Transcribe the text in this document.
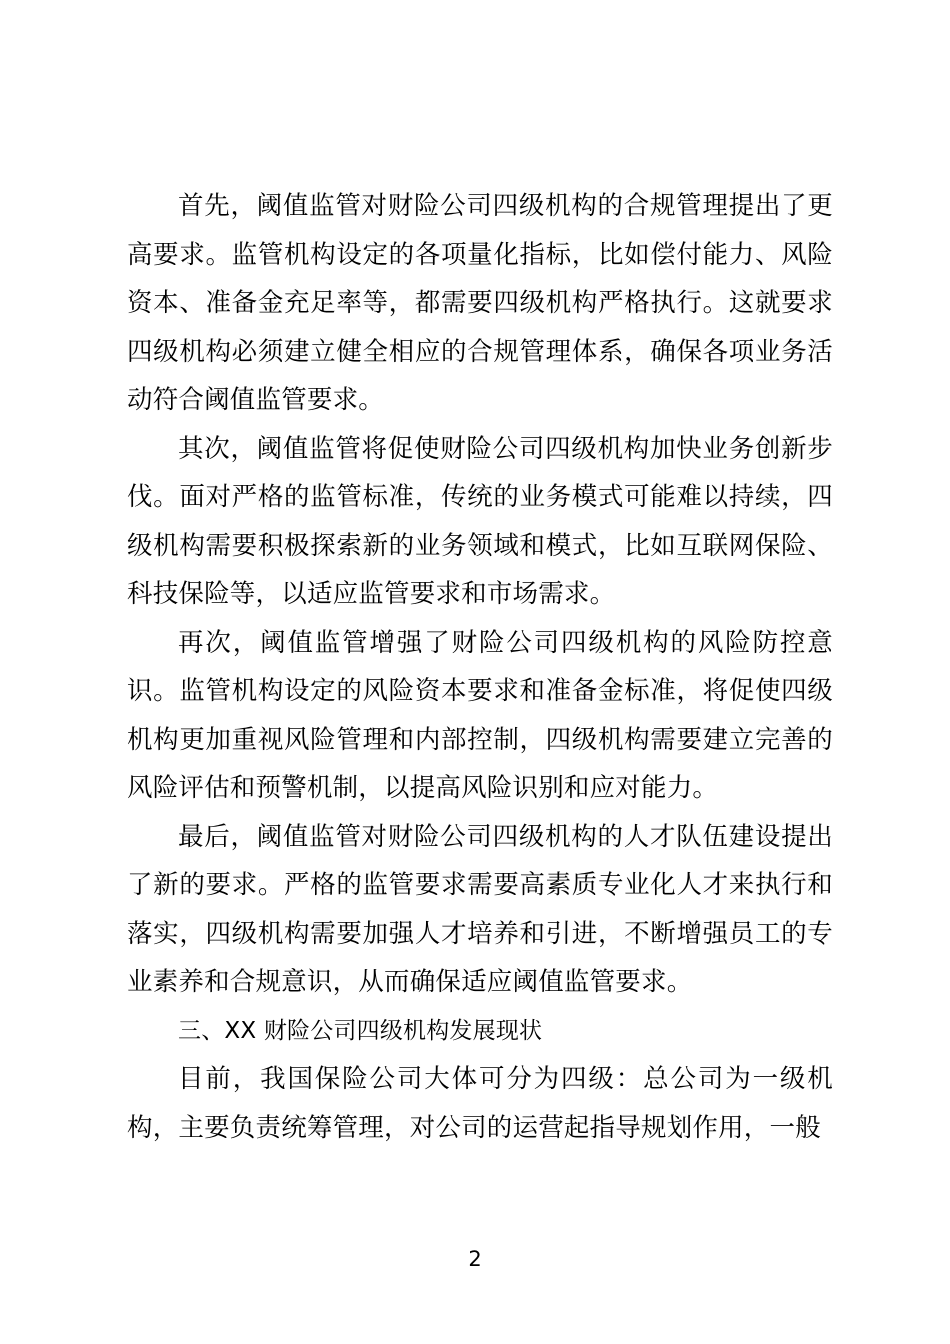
首先，阈值监管对财险公司四级机构的合规管理提出了更高要求。监管机构设定的各项量化指标，比如偿付能力、风险资本、准备金充足率等，都需要四级机构严格执行。这就要求四级机构必须建立健全相应的合规管理体系，确保各项业务活动符合阈值监管要求。

其次，阈值监管将促使财险公司四级机构加快业务创新步伐。面对严格的监管标准，传统的业务模式可能难以持续，四级机构需要积极探索新的业务领域和模式，比如互联网保险、科技保险等，以适应监管要求和市场需求。

再次，阈值监管增强了财险公司四级机构的风险防控意识。监管机构设定的风险资本要求和准备金标准，将促使四级机构更加重视风险管理和内部控制，四级机构需要建立完善的风险评估和预警机制，以提高风险识别和应对能力。

最后，阈值监管对财险公司四级机构的人才队伍建设提出了新的要求。严格的监管要求需要高素质专业化人才来执行和落实，四级机构需要加强人才培养和引进，不断增强员工的专业素养和合规意识，从而确保适应阈值监管要求。

三、XX 财险公司四级机构发展现状

目前，我国保险公司大体可分为四级：总公司为一级机构，主要负责统筹管理，对公司的运营起指导规划作用，一般

2
